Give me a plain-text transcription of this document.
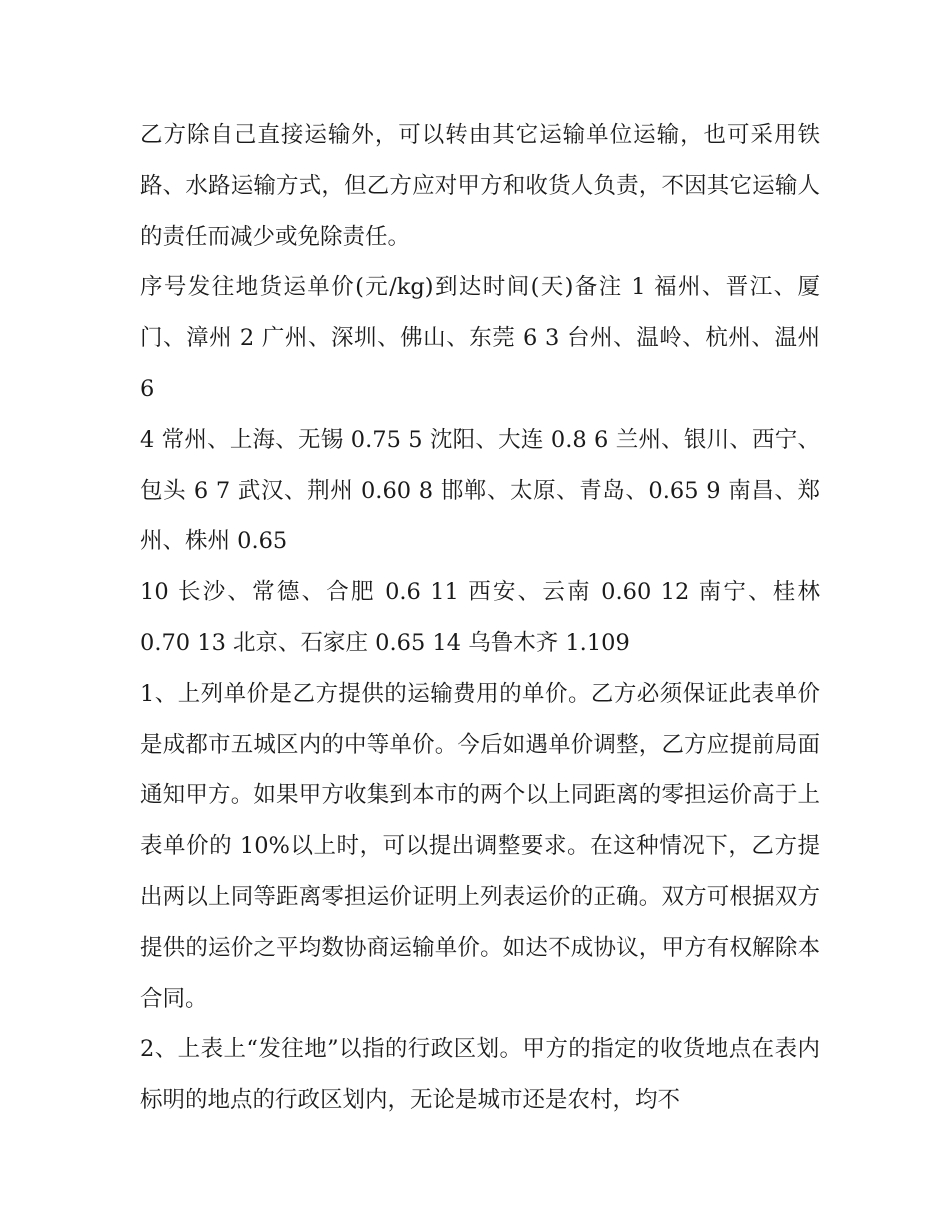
乙方除自己直接运输外，可以转由其它运输单位运输，也可采用铁路、水路运输方式，但乙方应对甲方和收货人负责，不因其它运输人的责任而减少或免除责任。

序号发往地货运单价(元/kg)到达时间(天)备注 1 福州、晋江、厦门、漳州 2 广州、深圳、佛山、东莞 6 3 台州、温岭、杭州、温州 6

4 常州、上海、无锡 0.75 5 沈阳、大连 0.8 6 兰州、银川、西宁、包头 6 7 武汉、荆州 0.60 8 邯郸、太原、青岛、0.65 9 南昌、郑州、株州 0.65

10 长沙、常德、合肥 0.6 11 西安、云南 0.60 12 南宁、桂林 0.70 13 北京、石家庄 0.65 14 乌鲁木齐 1.109

1、上列单价是乙方提供的运输费用的单价。乙方必须保证此表单价是成都市五城区内的中等单价。今后如遇单价调整，乙方应提前局面通知甲方。如果甲方收集到本市的两个以上同距离的零担运价高于上表单价的 10%以上时，可以提出调整要求。在这种情况下，乙方提出两以上同等距离零担运价证明上列表运价的正确。双方可根据双方提供的运价之平均数协商运输单价。如达不成协议，甲方有权解除本合同。

2、上表上“发往地”以指的行政区划。甲方的指定的收货地点在表内标明的地点的行政区划内，无论是城市还是农村，均不
